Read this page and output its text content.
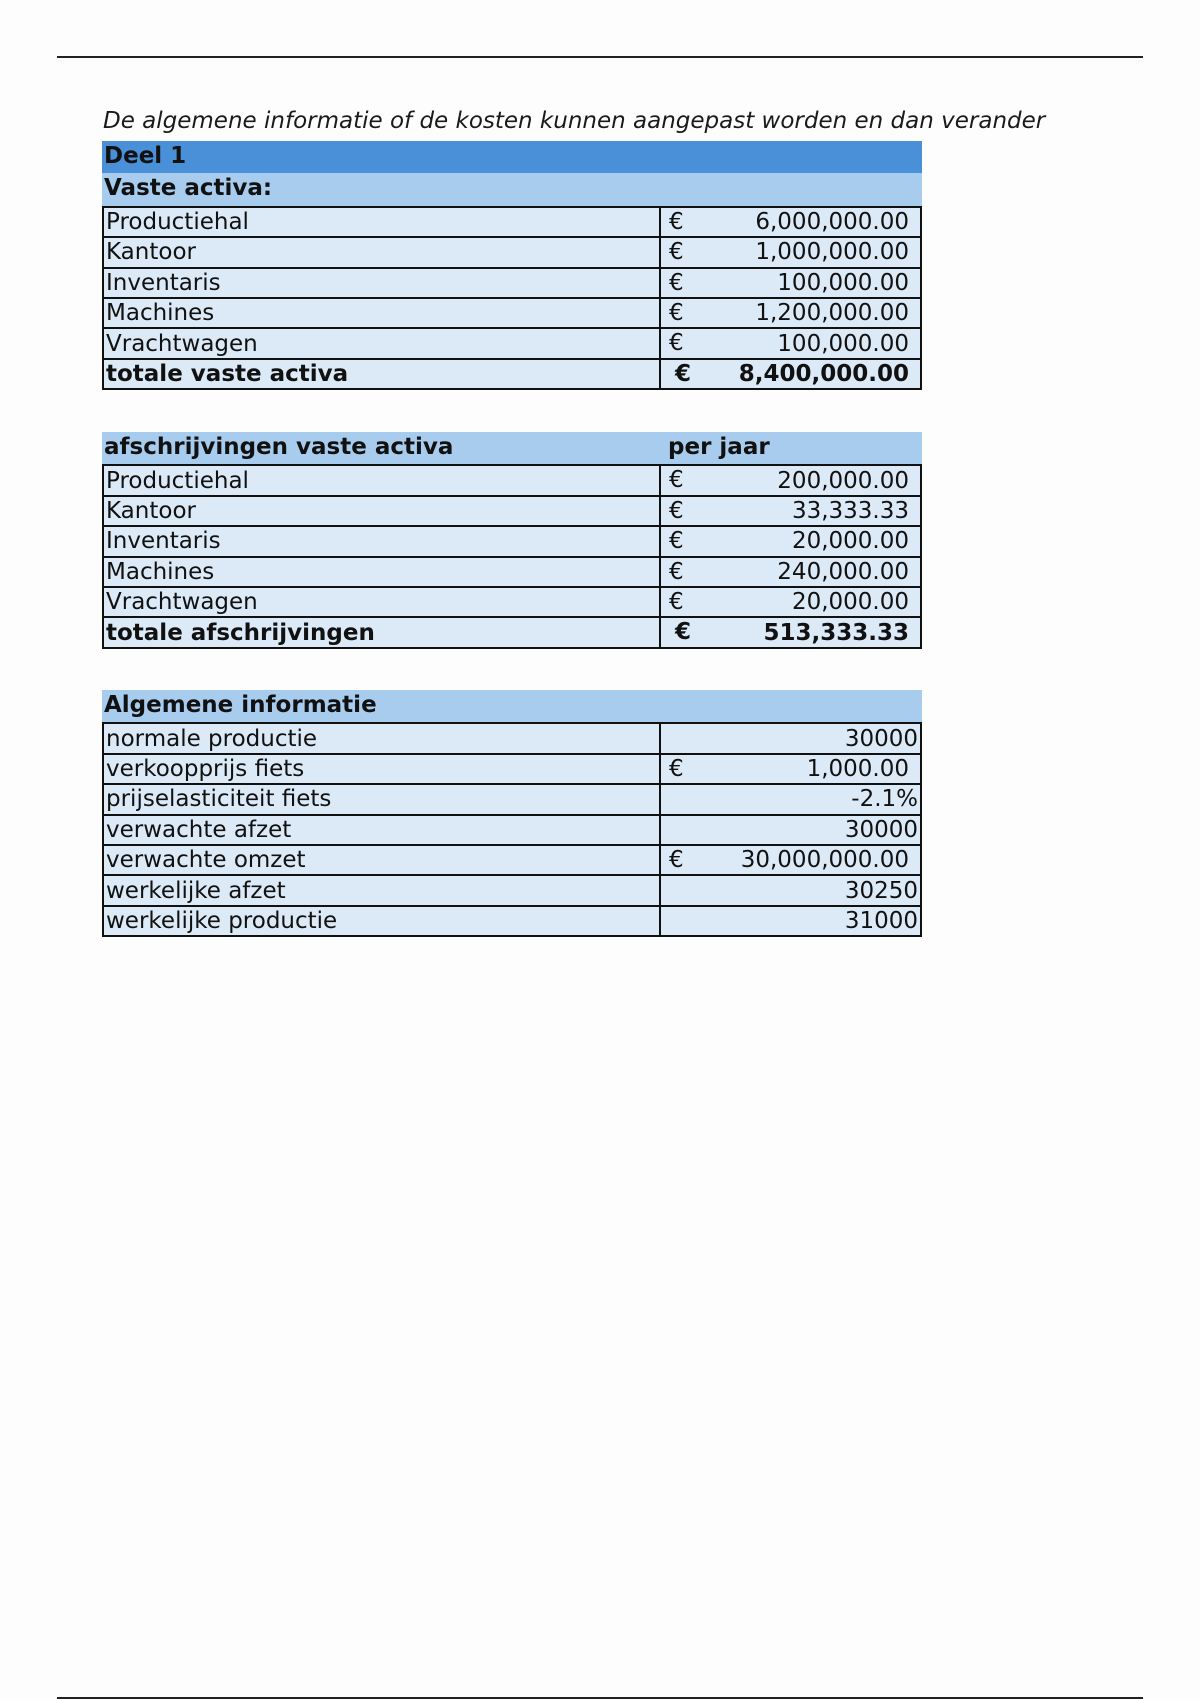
De algemene informatie of de kosten kunnen aangepast worden en dan verander
Deel 1
Vaste activa:
Productiehal	€ 6,000,000.00

Kantoor	€ 1,000,000.00

Inventaris	€ 100,000.00

Machines	€ 1,200,000.00

Vrachtwagen	€ 100,000.00

totale vaste activa	€ 8,400,000.00
afschrijvingen vaste activa	per jaar
Productiehal	€ 200,000.00

Kantoor	€ 33,333.33

Inventaris	€ 20,000.00

Machines	€ 240,000.00

Vrachtwagen	€ 20,000.00

totale afschrijvingen	€ 513,333.33
Algemene informatie
normale productie	30000

verkoopprijs fiets	€ 1,000.00

prijselasticiteit fiets	-2.1%

verwachte afzet	30000

verwachte omzet	€ 30,000,000.00

werkelijke afzet	30250

werkelijke productie	31000
